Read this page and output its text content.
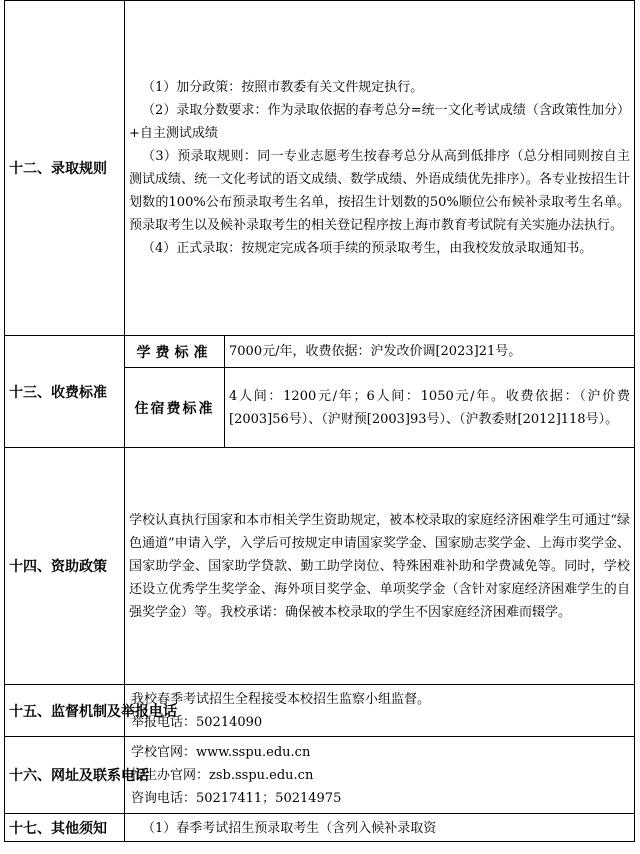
十二、录取规则	（1）加分政策：按照市教委有关文件规定执行。

（2）录取分数要求：作为录取依据的春考总分=统一文化考试成绩（含政策性加分）+自主测试成绩

（3）预录取规则：同一专业志愿考生按春考总分从高到低排序（总分相同则按自主测试成绩、统一文化考试的语文成绩、数学成绩、外语成绩优先排序）。各专业按招生计划数的100%公布预录取考生名单，按招生计划数的50%顺位公布候补录取考生名单。预录取考生以及候补录取考生的相关登记程序按上海市教育考试院有关实施办法执行。

（4）正式录取：按规定完成各项手续的预录取考生，由我校发放录取通知书。	

十三、收费标准	学费标准	7000元/年，收费依据：沪发改价调[2023]21号。
	住宿费标准	4人间：1200元/年；6人间：1050元/年。收费依据：（沪价费[2003]56号）、（沪财预[2003]93号）、（沪教委财[2012]118号）。
十四、资助政策	学校认真执行国家和本市相关学生资助规定，被本校录取的家庭经济困难学生可通过“绿色通道”申请入学，入学后可按规定申请国家奖学金、国家励志奖学金、上海市奖学金、国家助学金、国家助学贷款、勤工助学岗位、特殊困难补助和学费减免等。同时，学校还设立优秀学生奖学金、海外项目奖学金、单项奖学金（含针对家庭经济困难学生的自强奖学金）等。我校承诺：确保被本校录取的学生不因家庭经济困难而辍学。	
十五、监督机制及举报电话	我校春季考试招生全程接受本校招生监察小组监督。

举报电话：50214090	

十六、网址及联系电话	学校官网：www.sspu.edu.cn

招生办官网：zsb.sspu.edu.cn

咨询电话：50217411；50214975	

十七、其他须知	（1）春季考试招生预录取考生（含列入候补录取资	
